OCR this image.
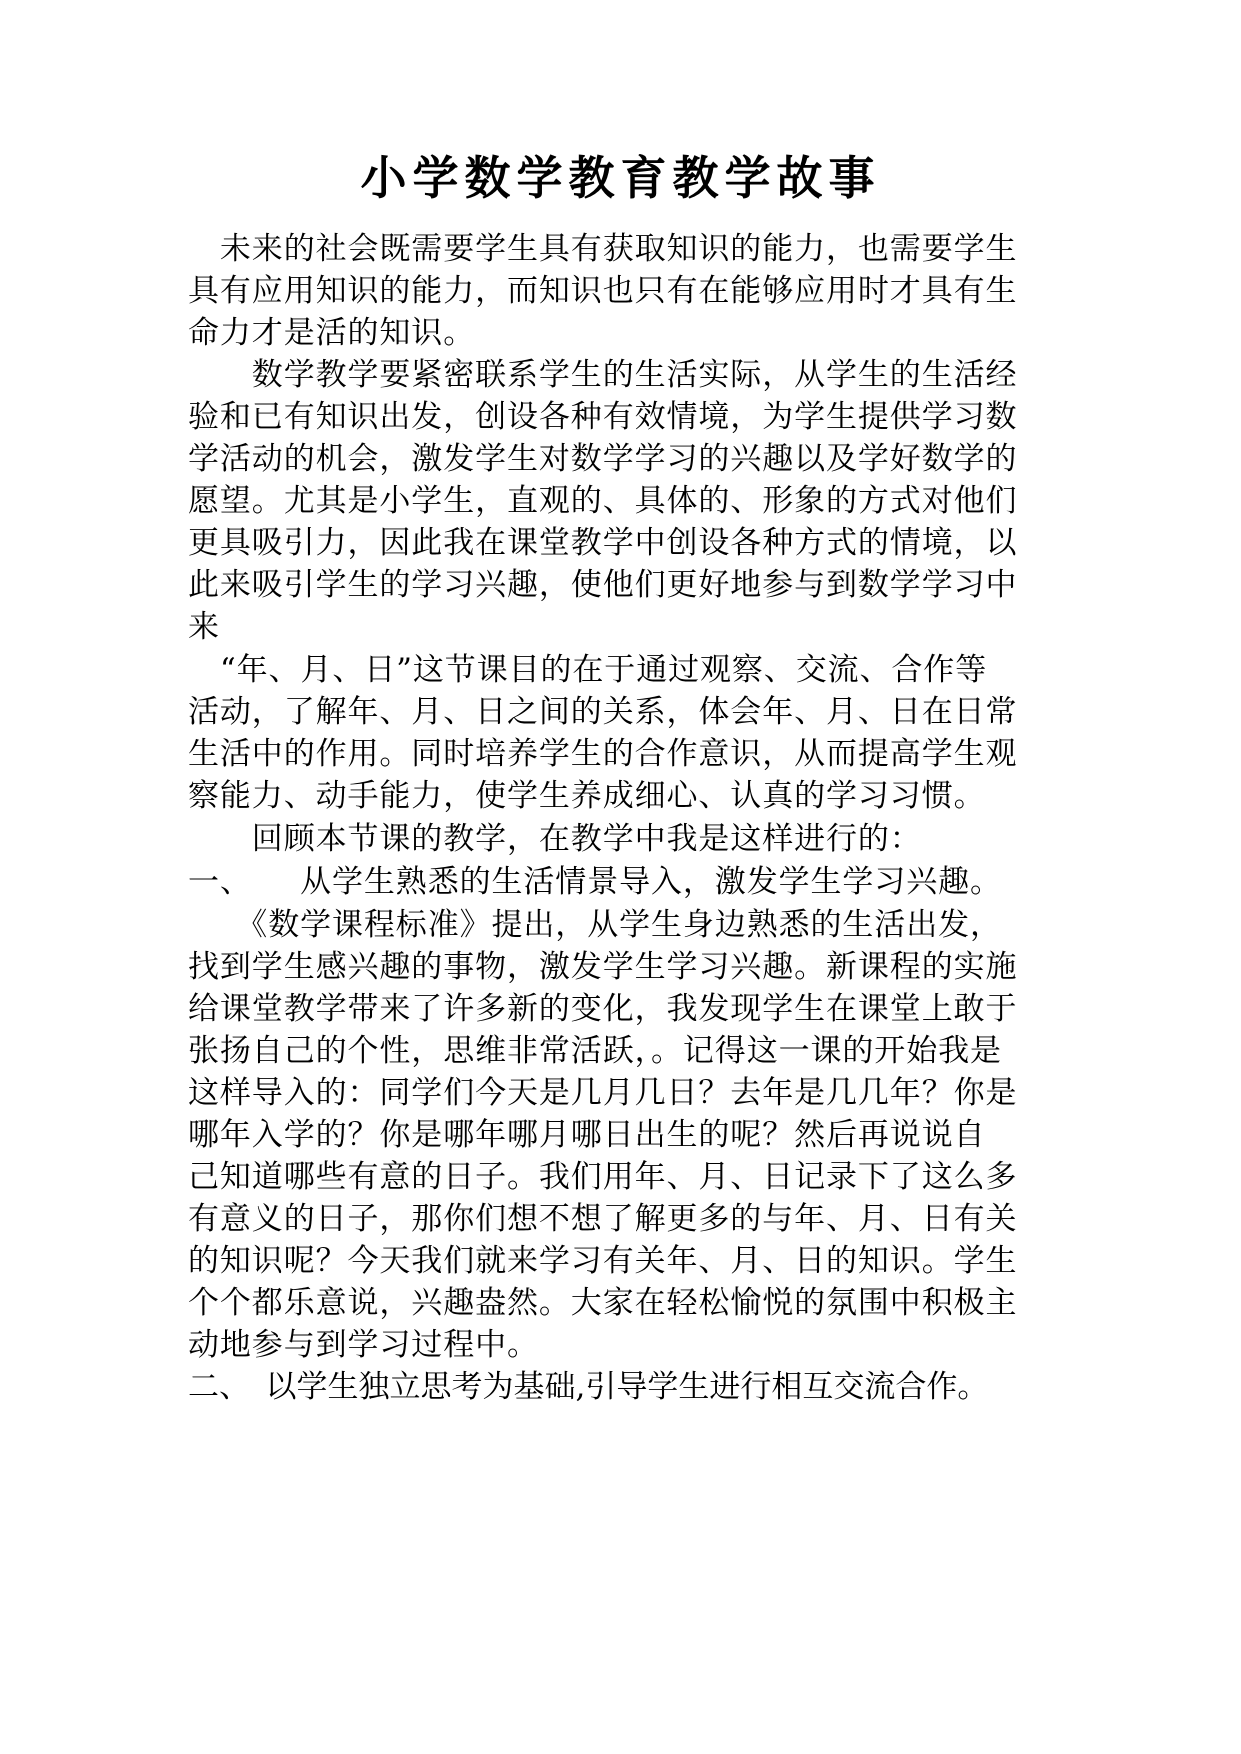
小学数学教育教学故事

　未来的社会既需要学生具有获取知识的能力，也需要学生

具有应用知识的能力，而知识也只有在能够应用时才具有生

命力才是活的知识。

　　数学教学要紧密联系学生的生活实际，从学生的生活经

验和已有知识出发，创设各种有效情境，为学生提供学习数

学活动的机会，激发学生对数学学习的兴趣以及学好数学的

愿望。尤其是小学生，直观的、具体的、形象的方式对他们

更具吸引力，因此我在课堂教学中创设各种方式的情境，以

此来吸引学生的学习兴趣，使他们更好地参与到数学学习中

来

　“年、月、日”这节课目的在于通过观察、交流、合作等

活动，了解年、月、日之间的关系，体会年、月、日在日常

生活中的作用。同时培养学生的合作意识，从而提高学生观

察能力、动手能力，使学生养成细心、认真的学习习惯。

　　回顾本节课的教学，在教学中我是这样进行的：

一、　　从学生熟悉的生活情景导入，激发学生学习兴趣。

　　《数学课程标准》提出，从学生身边熟悉的生活出发，

找到学生感兴趣的事物，激发学生学习兴趣。新课程的实施

给课堂教学带来了许多新的变化，我发现学生在课堂上敢于

张扬自己的个性，思维非常活跃，。记得这一课的开始我是

这样导入的：同学们今天是几月几日？去年是几几年？你是

哪年入学的？你是哪年哪月哪日出生的呢？然后再说说自

己知道哪些有意的日子。我们用年、月、日记录下了这么多

有意义的日子，那你们想不想了解更多的与年、月、日有关

的知识呢？今天我们就来学习有关年、月、日的知识。学生

个个都乐意说，兴趣盎然。大家在轻松愉悦的氛围中积极主

动地参与到学习过程中。

二、　以学生独立思考为基础,引导学生进行相互交流合作。
